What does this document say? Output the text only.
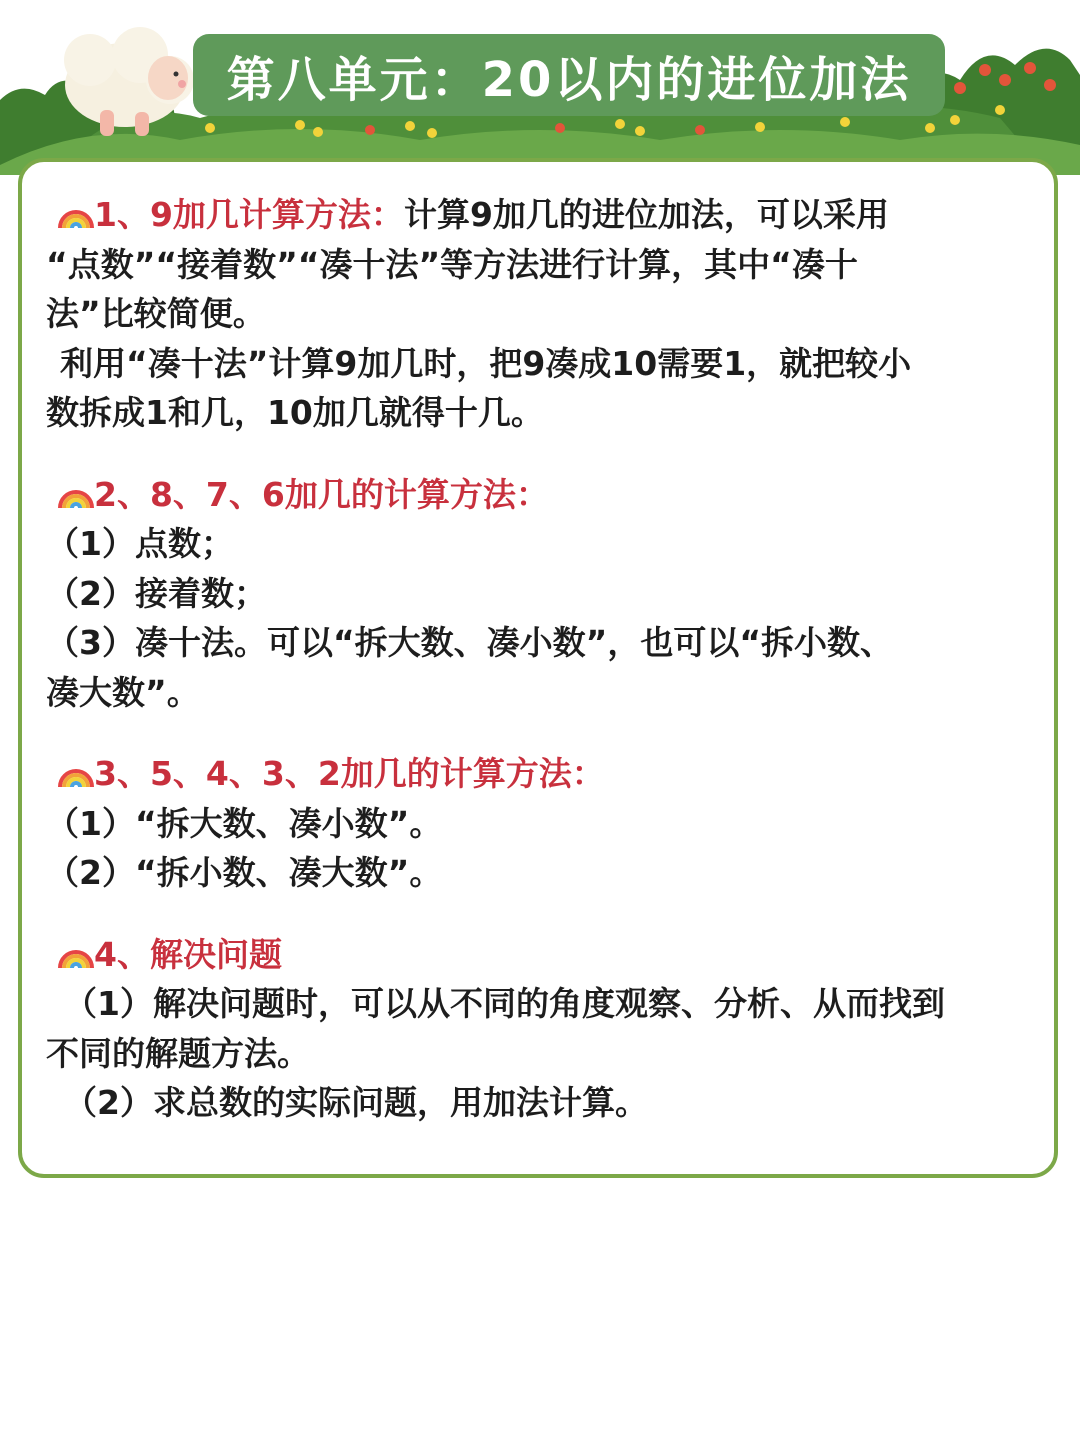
第八单元：20以内的进位加法
1、9加几计算方法：计算9加几的进位加法，可以采用
“点数”“接着数”“凑十法”等方法进行计算，其中“凑十
法”比较简便。
利用“凑十法”计算9加几时，把9凑成10需要1，就把较小
数拆成1和几，10加几就得十几。
2、8、7、6加几的计算方法：
（1）点数；
（2）接着数；
（3）凑十法。可以“拆大数、凑小数”，也可以“拆小数、
凑大数”。
3、5、4、3、2加几的计算方法：
（1）“拆大数、凑小数”。
（2）“拆小数、凑大数”。
4、解决问题
（1）解决问题时，可以从不同的角度观察、分析、从而找到
不同的解题方法。
（2）求总数的实际问题，用加法计算。
